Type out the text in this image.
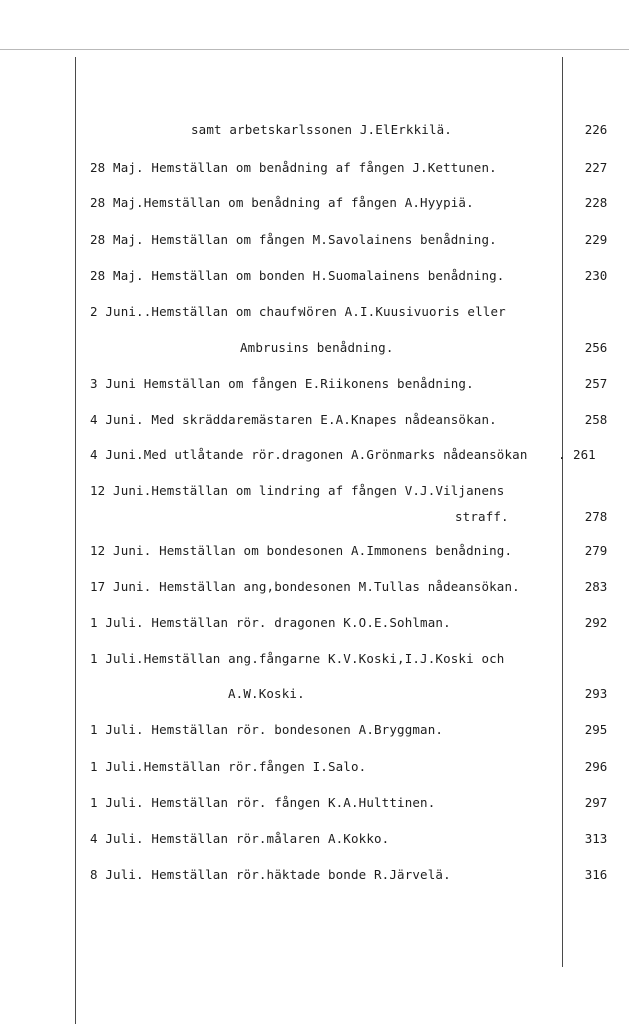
samt arbetskarlssonen J.ElErkkilä.	226
28 Maj. Hemställan om benådning af fången J.Kettunen.	227
28 Maj.Hemställan om benådning af fången A.Hyypiä.	228
28 Maj. Hemställan om fången M.Savolainens benådning.	229
28 Maj. Hemställan om bonden H.Suomalainens benådning.	230
2 Juni..Hemställan om chaufฟören A.I.Kuusivuoris eller
Ambrusins benådning.	256
3 Juni Hemställan om fången E.Riikonens benådning.	257
4 Juni. Med skräddaremästaren E.A.Knapes nådeansökan.	258
4 Juni.Med utlåtande rör.dragonen A.Grönmarks nådeansökan . 261
12 Juni.Hemställan om lindring af fången V.J.Viljanens
straff.	278
12 Juni. Hemställan om bondesonen A.Immonens benådning.	279
17 Juni. Hemställan ang,bondesonen M.Tullas nådeansökan.	283
1 Juli. Hemställan rör. dragonen K.O.E.Sohlman.	292
1 Juli.Hemställan ang.fångarne K.V.Koski,I.J.Koski och
A.W.Koski.	293
1 Juli. Hemställan rör. bondesonen A.Bryggman.	295
1 Juli.Hemställan rör.fången I.Salo.	296
1 Juli. Hemställan rör. fången K.A.Hulttinen.	297
4 Juli. Hemställan rör.målaren A.Kokko.	313
8 Juli. Hemställan rör.häktade bonde R.Järvelä.	316
